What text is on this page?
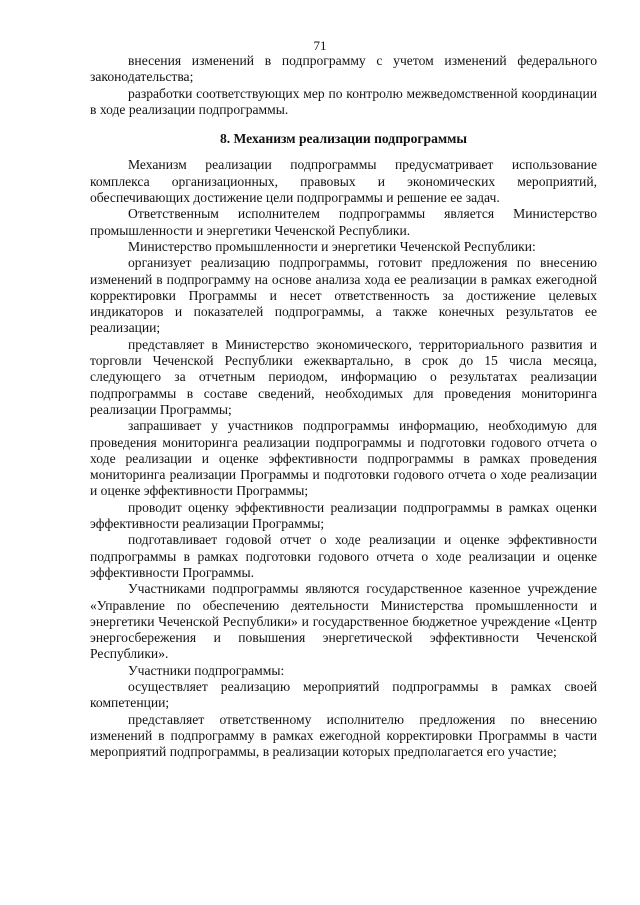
71

внесения изменений в подпрограмму с учетом изменений федерального законодательства;

разработки соответствующих мер по контролю межведомственной координации в ходе реализации подпрограммы.

8. Механизм реализации подпрограммы

Механизм реализации подпрограммы предусматривает использование комплекса организационных, правовых и экономических мероприятий, обеспечивающих достижение цели подпрограммы и решение ее задач.

Ответственным исполнителем подпрограммы является Министерство промышленности и энергетики Чеченской Республики.

Министерство промышленности и энергетики Чеченской Республики:

организует реализацию подпрограммы, готовит предложения по внесению изменений в подпрограмму на основе анализа хода ее реализации в рамках ежегодной корректировки Программы и несет ответственность за достижение целевых индикаторов и показателей подпрограммы, а также конечных результатов ее реализации;

представляет в Министерство экономического, территориального развития и торговли Чеченской Республики ежеквартально, в срок до 15 числа месяца, следующего за отчетным периодом, информацию о результатах реализации подпрограммы в составе сведений, необходимых для проведения мониторинга реализации Программы;

запрашивает у участников подпрограммы информацию, необходимую для проведения мониторинга реализации подпрограммы и подготовки годового отчета о ходе реализации и оценке эффективности подпрограммы в рамках проведения мониторинга реализации Программы и подготовки годового отчета о ходе реализации и оценке эффективности Программы;

проводит оценку эффективности реализации подпрограммы в рамках оценки эффективности реализации Программы;

подготавливает годовой отчет о ходе реализации и оценке эффективности подпрограммы в рамках подготовки годового отчета о ходе реализации и оценке эффективности Программы.

Участниками подпрограммы являются государственное казенное учреждение «Управление по обеспечению деятельности Министерства промышленности и энергетики Чеченской Республики» и государственное бюджетное учреждение «Центр энергосбережения и повышения энергетической эффективности Чеченской Республики».

Участники подпрограммы:

осуществляет реализацию мероприятий подпрограммы в рамках своей компетенции;

представляет ответственному исполнителю предложения по внесению изменений в подпрограмму в рамках ежегодной корректировки Программы в части мероприятий подпрограммы, в реализации которых предполагается его участие;
